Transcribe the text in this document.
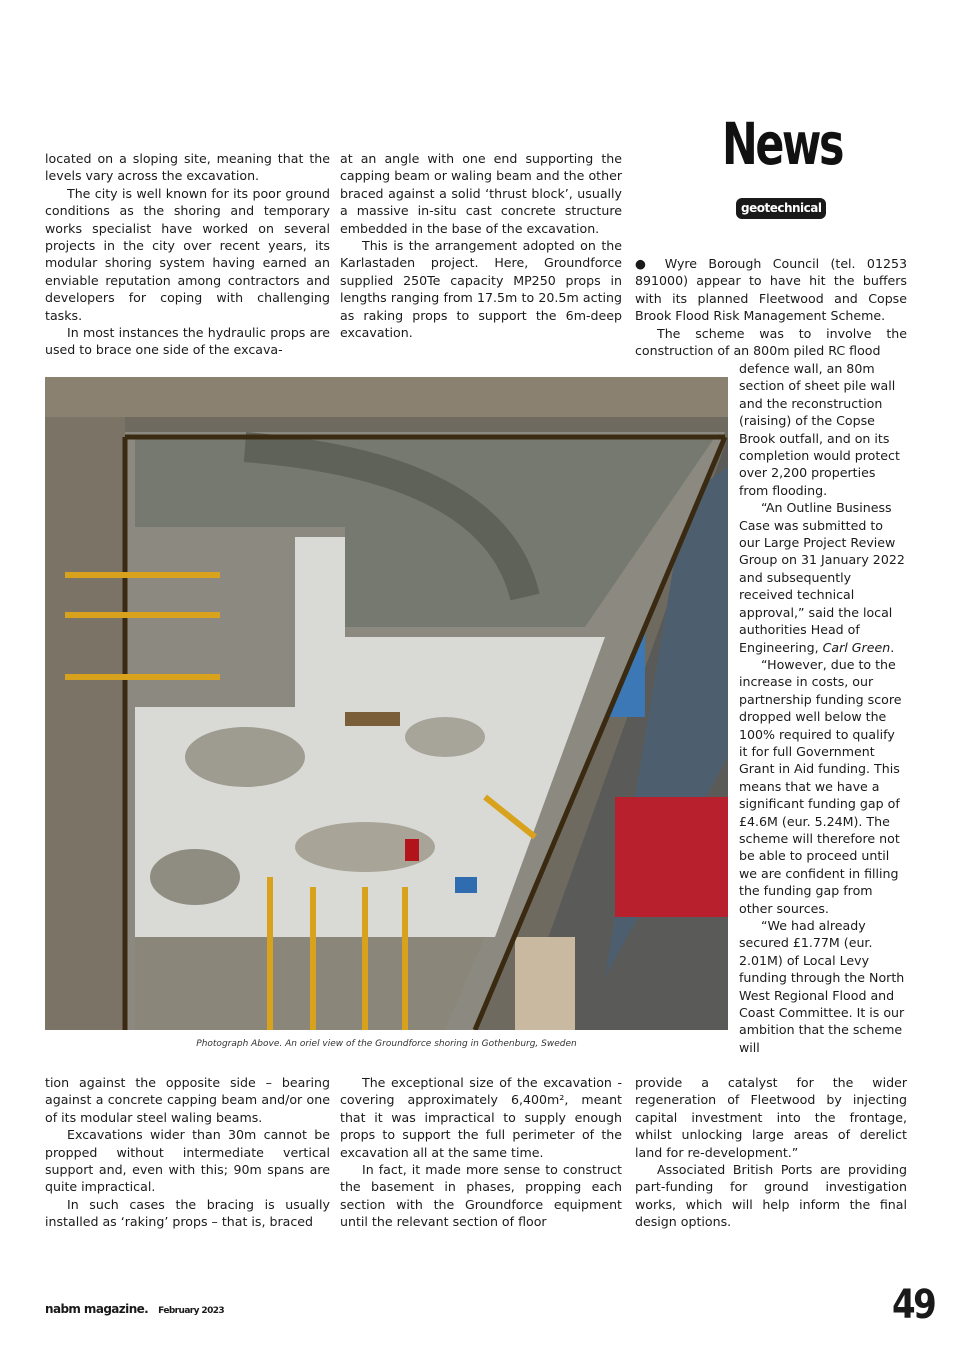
News
geotechnical

located on a sloping site, meaning that the levels vary across the excavation.

The city is well known for its poor ground conditions as the shoring and temporary works specialist have worked on several projects in the city over recent years, its modular shoring system having earned an enviable reputation among contractors and developers for coping with challenging tasks.

In most instances the hydraulic props are used to brace one side of the excava-

at an angle with one end supporting the capping beam or waling beam and the other braced against a solid ‘thrust block’, usually a massive in-situ cast concrete structure embedded in the base of the excavation.

This is the arrangement adopted on the Karlastaden project. Here, Groundforce supplied 250Te capacity MP250 props in lengths ranging from 17.5m to 20.5m acting as raking props to support the 6m-deep excavation.

● Wyre Borough Council (tel. 01253 891000) appear to have hit the buffers with its planned Fleetwood and Copse Brook Flood Risk Management Scheme.

The scheme was to involve the construction of an 800m piled RC flood

defence wall, an 80m section of sheet pile wall and the reconstruction (raising) of the Copse Brook outfall, and on its completion would protect over 2,200 properties from flooding.

“An Outline Business Case was submitted to our Large Project Review Group on 31 January 2022 and subsequently received technical approval,” said the local authorities Head of Engineering, Carl Green.

“However, due to the increase in costs, our partnership funding score dropped well below the 100% required to qualify it for full Government Grant in Aid funding. This means that we have a significant funding gap of £4.6M (eur. 5.24M). The scheme will therefore not be able to proceed until we are confident in filling the funding gap from other sources.

“We had already secured £1.77M (eur. 2.01M) of Local Levy funding through the North West Regional Flood and Coast Committee. It is our ambition that the scheme will

provide a catalyst for the wider regeneration of Fleetwood by injecting capital investment into the frontage, whilst unlocking large areas of derelict land for re-development.”

Associated British Ports are providing part-funding for ground investigation works, which will help inform the final design options.

Photograph Above. An oriel view of the Groundforce shoring in Gothenburg, Sweden

tion against the opposite side – bearing against a concrete capping beam and/or one of its modular steel waling beams.

Excavations wider than 30m cannot be propped without intermediate vertical support and, even with this; 90m spans are quite impractical.

In such cases the bracing is usually installed as ‘raking’ props – that is, braced

The exceptional size of the excavation - covering approximately 6,400m², meant that it was impractical to supply enough props to support the full perimeter of the excavation all at the same time.

In fact, it made more sense to construct the basement in phases, propping each section with the Groundforce equipment until the relevant section of floor

nabm magazine. February 2023	49
